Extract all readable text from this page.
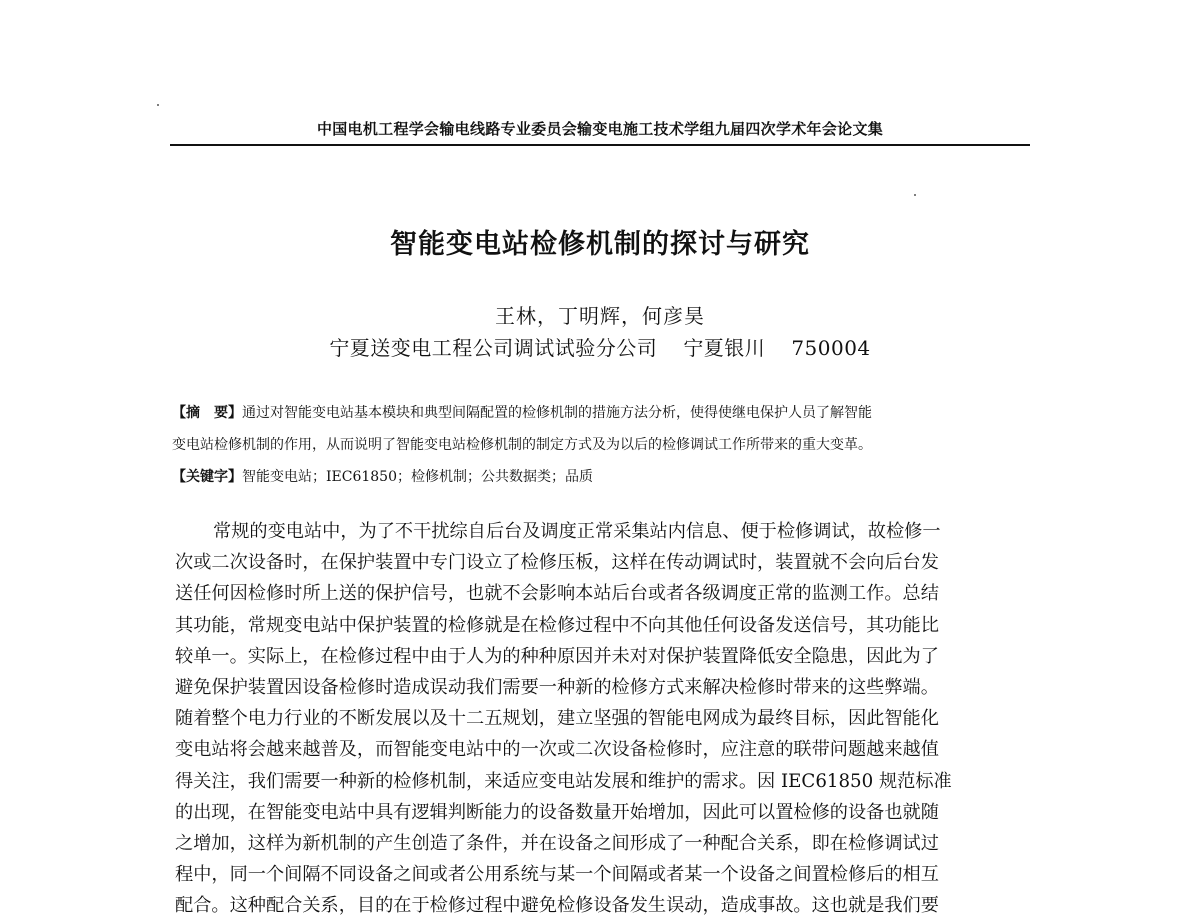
中国电机工程学会输电线路专业委员会输变电施工技术学组九届四次学术年会论文集
智能变电站检修机制的探讨与研究
王林，丁明辉，何彦昊
宁夏送变电工程公司调试试验分公司 宁夏银川 750004

【摘　要】通过对智能变电站基本模块和典型间隔配置的检修机制的措施方法分析，使得使继电保护人员了解智能

变电站检修机制的作用，从而说明了智能变电站检修机制的制定方式及为以后的检修调试工作所带来的重大变革。

【关键字】智能变电站；IEC61850；检修机制；公共数据类；品质

常规的变电站中，为了不干扰综自后台及调度正常采集站内信息、便于检修调试，故检修一

次或二次设备时，在保护装置中专门设立了检修压板，这样在传动调试时，装置就不会向后台发

送任何因检修时所上送的保护信号，也就不会影响本站后台或者各级调度正常的监测工作。总结

其功能，常规变电站中保护装置的检修就是在检修过程中不向其他任何设备发送信号，其功能比

较单一。实际上，在检修过程中由于人为的种种原因并未对对保护装置降低安全隐患，因此为了

避免保护装置因设备检修时造成误动我们需要一种新的检修方式来解决检修时带来的这些弊端。

随着整个电力行业的不断发展以及十二五规划，建立坚强的智能电网成为最终目标，因此智能化

变电站将会越来越普及，而智能变电站中的一次或二次设备检修时，应注意的联带问题越来越值

得关注，我们需要一种新的检修机制，来适应变电站发展和维护的需求。因 IEC61850 规范标准

的出现，在智能变电站中具有逻辑判断能力的设备数量开始增加，因此可以置检修的设备也就随

之增加，这样为新机制的产生创造了条件，并在设备之间形成了一种配合关系，即在检修调试过

程中，同一个间隔不同设备之间或者公用系统与某一个间隔或者某一个设备之间置检修后的相互

配合。这种配合关系，目的在于检修过程中避免检修设备发生误动，造成事故。这也就是我们要
